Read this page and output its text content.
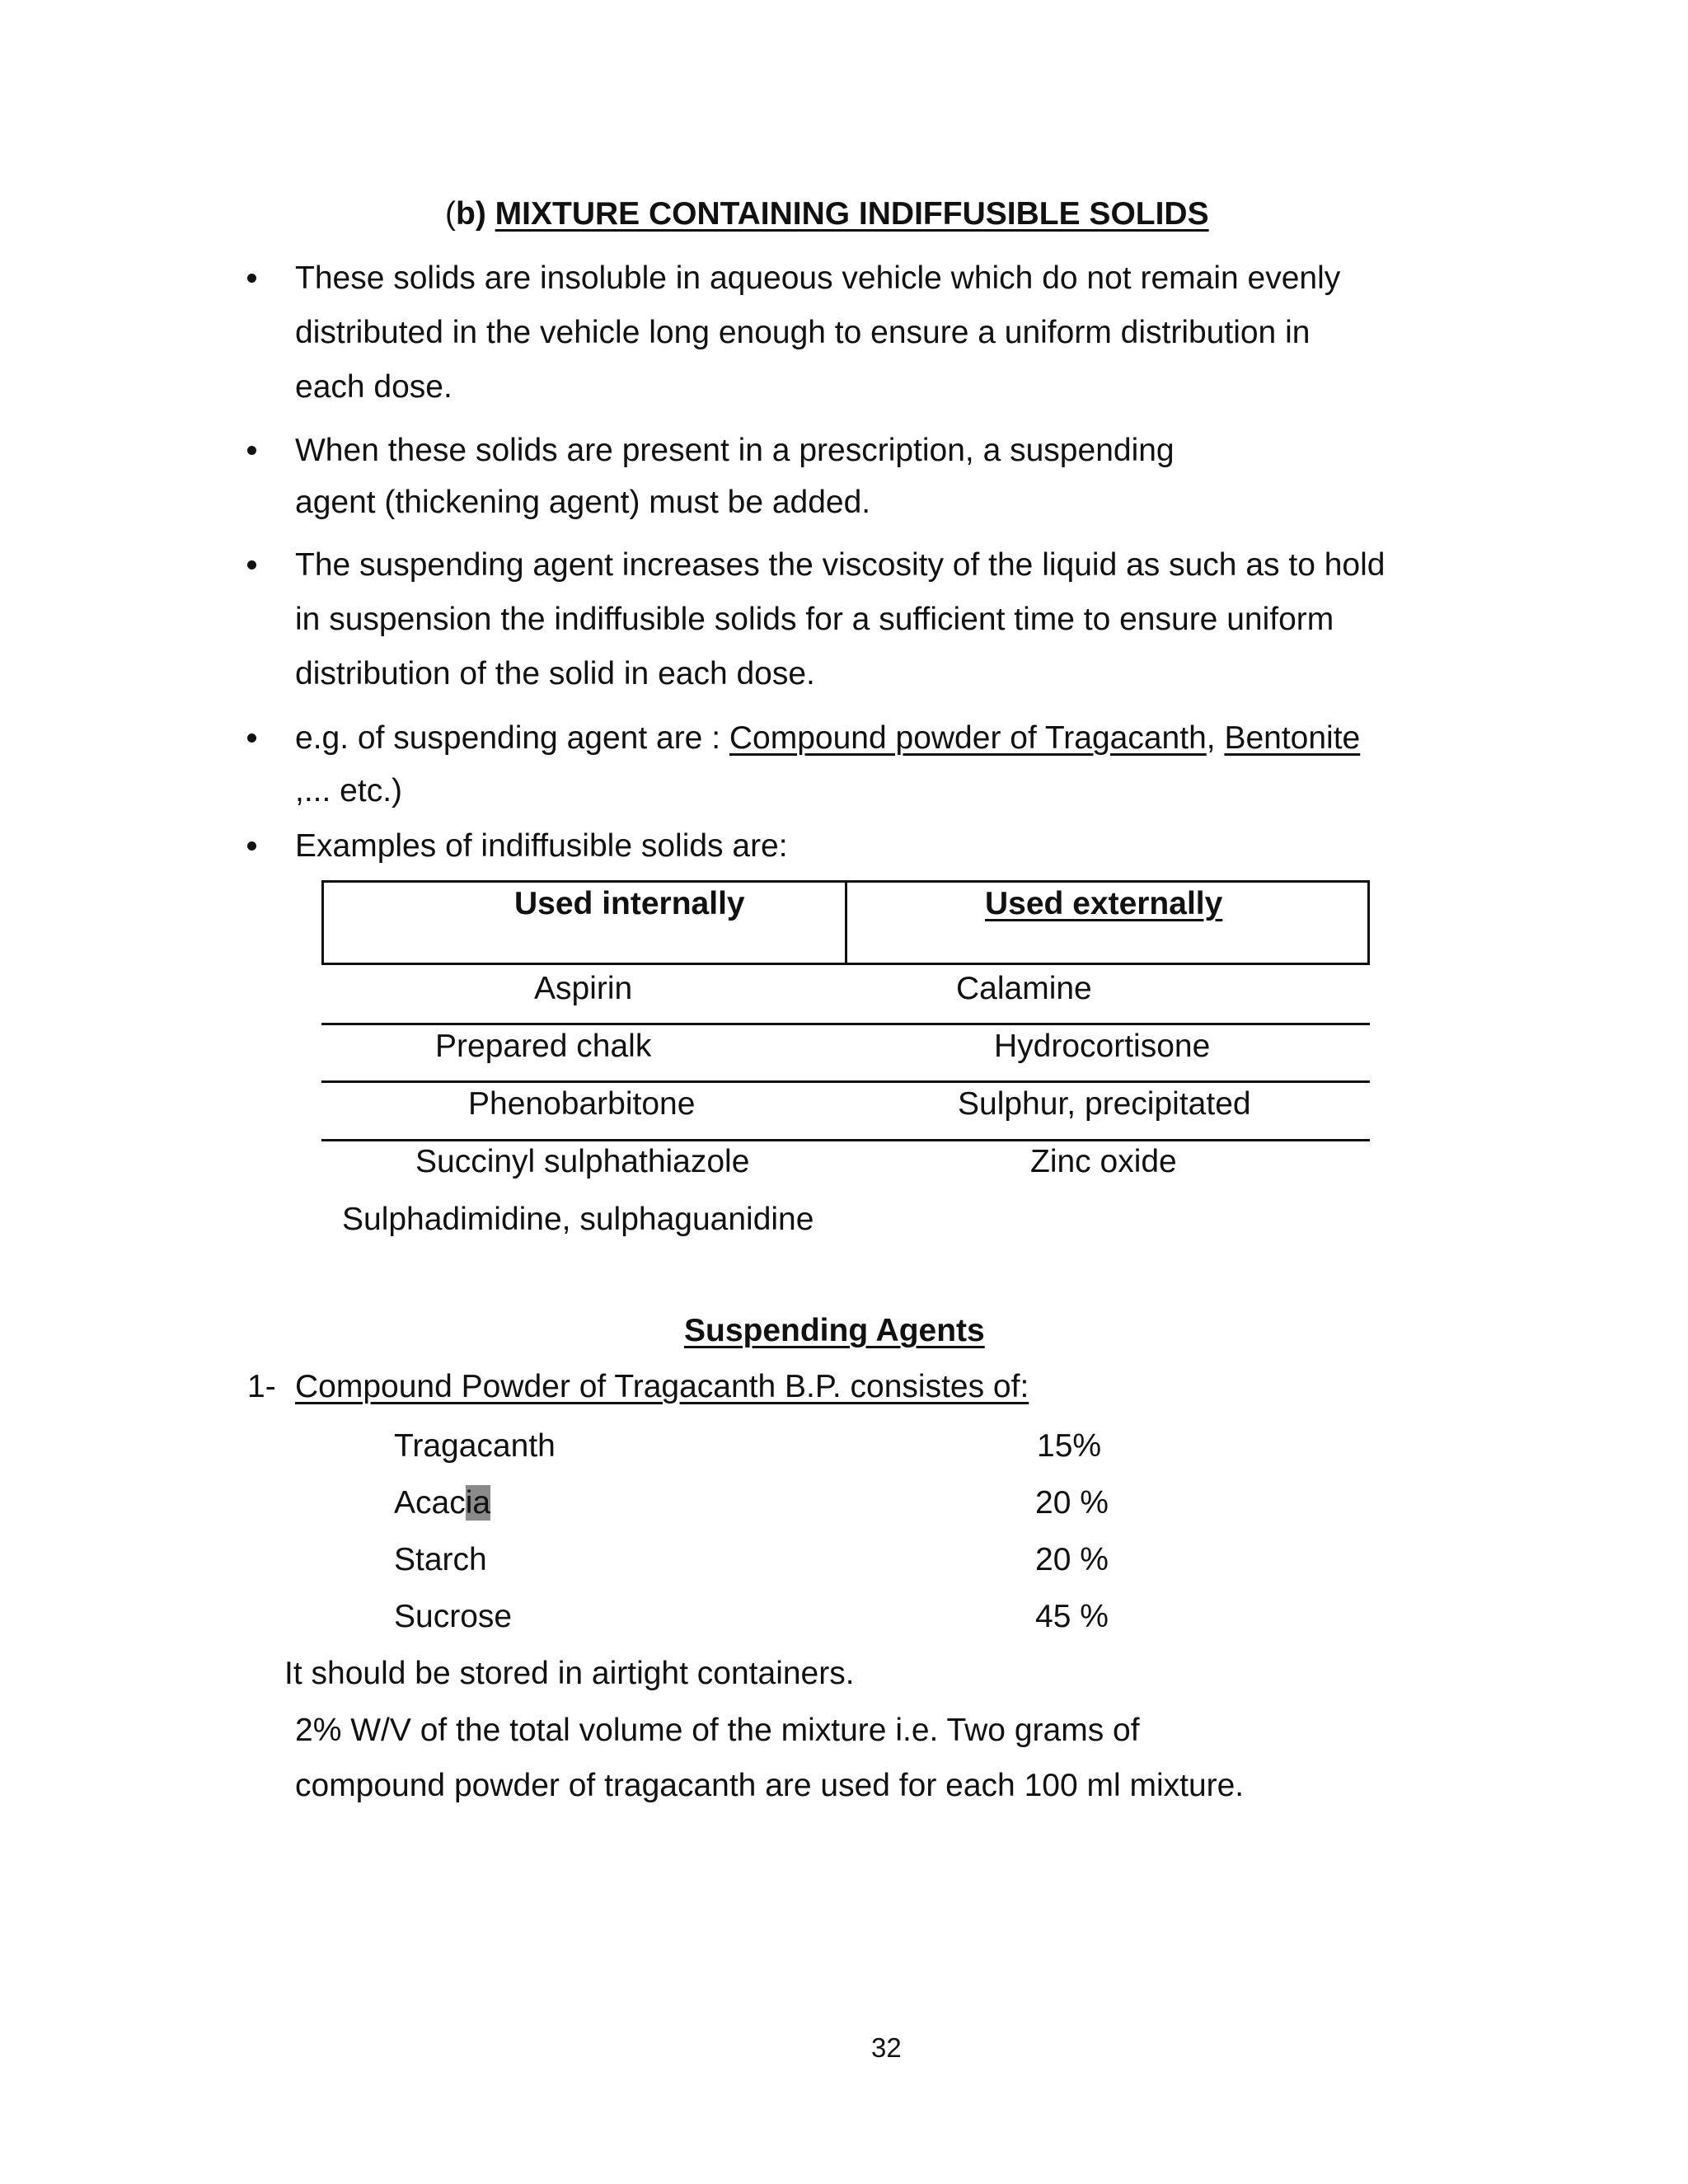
(b) MIXTURE CONTAINING INDIFFUSIBLE SOLIDS
These solids are insoluble in aqueous vehicle which do not remain evenly
distributed in the vehicle long enough to ensure a uniform distribution in
each dose.
When these solids are present in a prescription, a suspending
agent (thickening agent) must be added.
The suspending agent increases the viscosity of the liquid as such as to hold
in suspension the indiffusible solids for a sufficient time to ensure uniform
distribution of the solid in each dose.
e.g. of suspending agent are : Compound powder of Tragacanth, Bentonite
,... etc.)
Examples of indiffusible solids are:
Used internally	Used externally
Aspirin	Calamine
Prepared chalk	Hydrocortisone
Phenobarbitone	Sulphur, precipitated
Succinyl sulphathiazole	Zinc oxide
Sulphadimidine, sulphaguanidine
Suspending Agents
1- Compound Powder of Tragacanth B.P. consistes of:
Tragacanth	15%
Acacia	20 %
Starch	20 %
Sucrose	45 %
It should be stored in airtight containers.
2% W/V of the total volume of the mixture i.e. Two grams of
compound powder of tragacanth are used for each 100 ml mixture.
32
